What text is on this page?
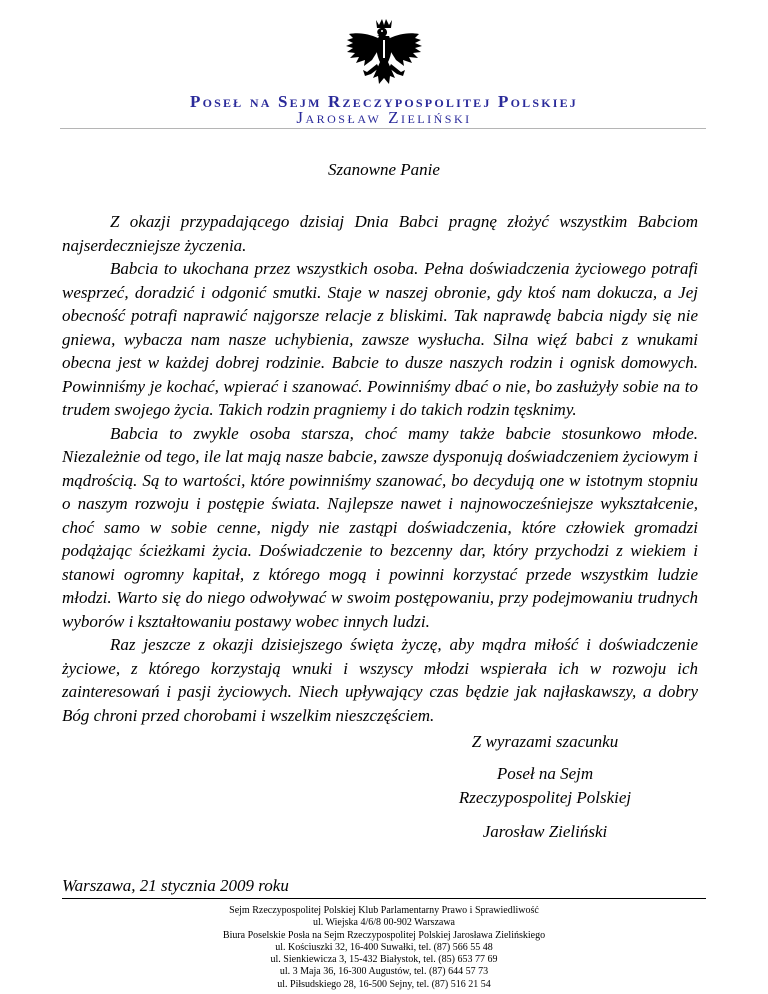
Poseł na Sejm Rzeczypospolitej Polskiej
Jarosław Zieliński
Szanowne Panie

Z okazji przypadającego dzisiaj Dnia Babci pragnę złożyć wszystkim Babciom najserdeczniejsze życzenia.

Babcia to ukochana przez wszystkich osoba. Pełna doświadczenia życiowego potrafi wesprzeć, doradzić i odgonić smutki. Staje w naszej obronie, gdy ktoś nam dokucza, a Jej obecność potrafi naprawić najgorsze relacje z bliskimi. Tak naprawdę babcia nigdy się nie gniewa, wybacza nam nasze uchybienia, zawsze wysłucha. Silna więź babci z wnukami obecna jest w każdej dobrej rodzinie. Babcie to dusze naszych rodzin i ognisk domowych. Powinniśmy je kochać, wpierać i szanować. Powinniśmy dbać o nie, bo zasłużyły sobie na to trudem swojego życia. Takich rodzin pragniemy i do takich rodzin tęsknimy.

Babcia to zwykle osoba starsza, choć mamy także babcie stosunkowo młode. Niezależnie od tego, ile lat mają nasze babcie, zawsze dysponują doświadczeniem życiowym i mądrością. Są to wartości, które powinniśmy szanować, bo decydują one w istotnym stopniu o naszym rozwoju i postępie świata. Najlepsze nawet i najnowocześniejsze wykształcenie, choć samo w sobie cenne, nigdy nie zastąpi doświadczenia, które człowiek gromadzi podążając ścieżkami życia. Doświadczenie to bezcenny dar, który przychodzi z wiekiem i stanowi ogromny kapitał, z którego mogą i powinni korzystać przede wszystkim ludzie młodzi. Warto się do niego odwoływać w swoim postępowaniu, przy podejmowaniu trudnych wyborów i kształtowaniu postawy wobec innych ludzi.

Raz jeszcze z okazji dzisiejszego święta życzę, aby mądra miłość i doświadczenie życiowe, z którego korzystają wnuki i wszyscy młodzi wspierała ich w rozwoju ich zainteresowań i pasji życiowych. Niech upływający czas będzie jak najłaskawszy, a dobry Bóg chroni przed chorobami i wszelkim nieszczęściem.

Z wyrazami szacunku
Poseł na Sejm
Rzeczypospolitej Polskiej
Jarosław Zieliński
Warszawa, 21 stycznia 2009 roku
Sejm Rzeczypospolitej Polskiej Klub Parlamentarny Prawo i Sprawiedliwość
ul. Wiejska 4/6/8 00-902 Warszawa
Biura Poselskie Posła na Sejm Rzeczypospolitej Polskiej Jarosława Zielińskiego
ul. Kościuszki 32, 16-400 Suwałki, tel. (87) 566 55 48
ul. Sienkiewicza 3, 15-432 Białystok, tel. (85) 653 77 69
ul. 3 Maja 36, 16-300 Augustów, tel. (87) 644 57 73
ul. Piłsudskiego 28, 16-500 Sejny, tel. (87) 516 21 54
